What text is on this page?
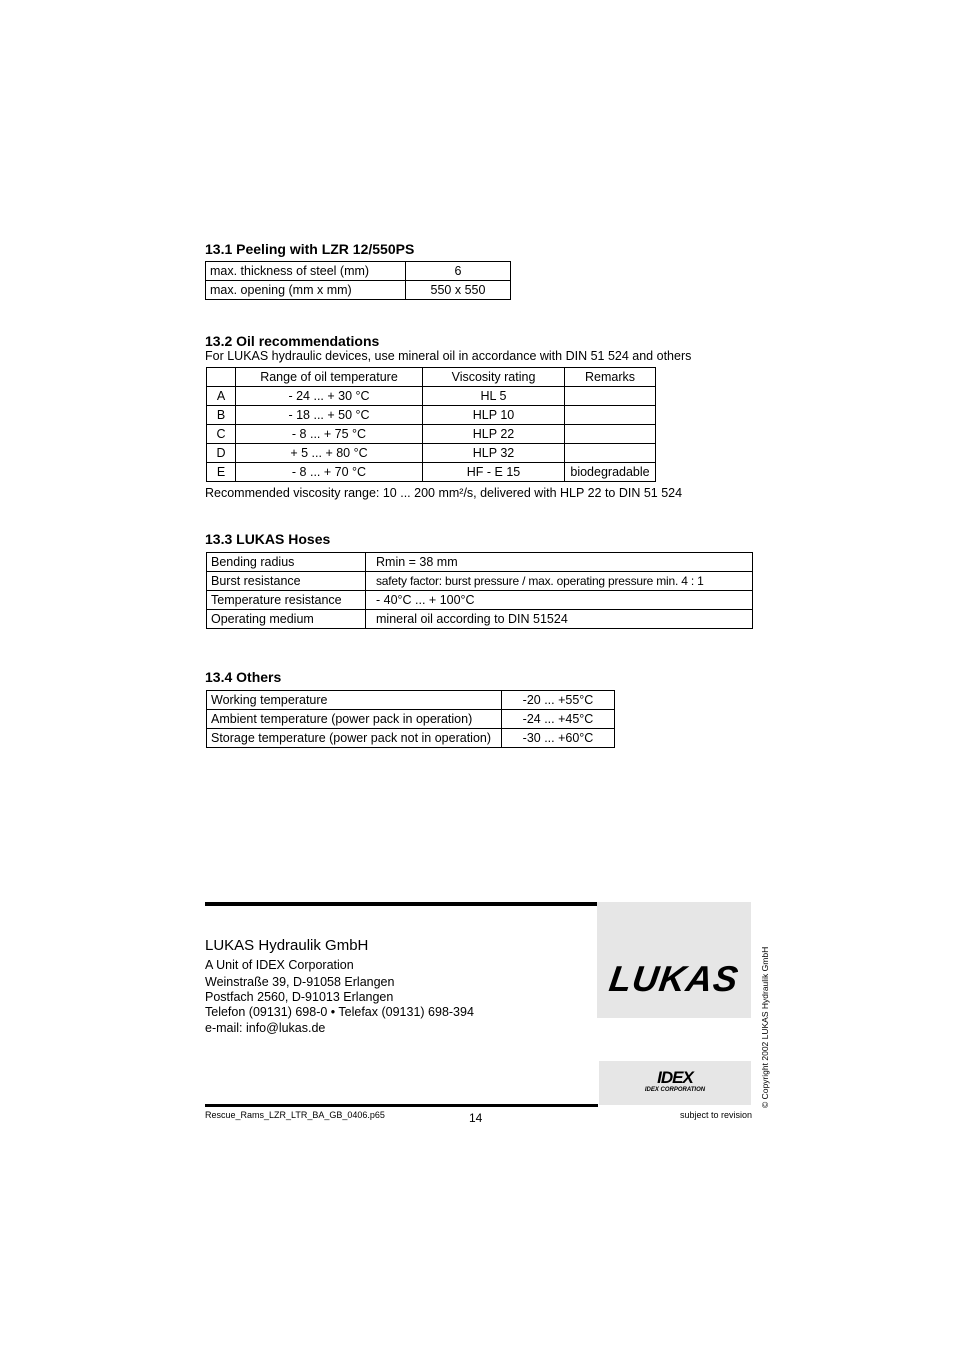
13.1 Peeling with LZR 12/550PS
max. thickness of steel (mm)	6
max. opening (mm x mm)	550 x 550
13.2 Oil recommendations
For LUKAS hydraulic devices, use mineral oil in accordance with DIN 51 524 and others
	Range of oil temperature	Viscosity rating	Remarks
A	- 24 ... + 30 °C	HL 5	
B	- 18 ... + 50 °C	HLP 10	
C	- 8 ... + 75 °C	HLP 22	
D	+ 5 ... + 80 °C	HLP 32	
E	- 8 ... + 70 °C	HF - E 15	biodegradable
Recommended viscosity range: 10 ... 200 mm²/s, delivered with HLP 22 to DIN 51 524
13.3 LUKAS Hoses
Bending radius	Rmin = 38 mm
Burst resistance	safety factor: burst pressure / max. operating pressure min. 4 : 1
Temperature resistance	- 40°C ... + 100°C
Operating medium	mineral oil according to DIN 51524
13.4 Others
Working temperature	-20 ... +55°C
Ambient temperature (power pack in operation)	-24 ... +45°C
Storage temperature (power pack not in operation)	-30 ... +60°C
LUKAS
LUKAS Hydraulik GmbH
A Unit of IDEX Corporation
Weinstraße 39, D-91058 Erlangen
Postfach 2560, D-91013 Erlangen
Telefon (09131) 698-0 • Telefax (09131) 698-394
e-mail: info@lukas.de
IDEX
IDEX CORPORATION	© Copyright 2002 LUKAS Hydraulik GmbH
Rescue_Rams_LZR_LTR_BA_GB_0406.p65	14	subject to revision
